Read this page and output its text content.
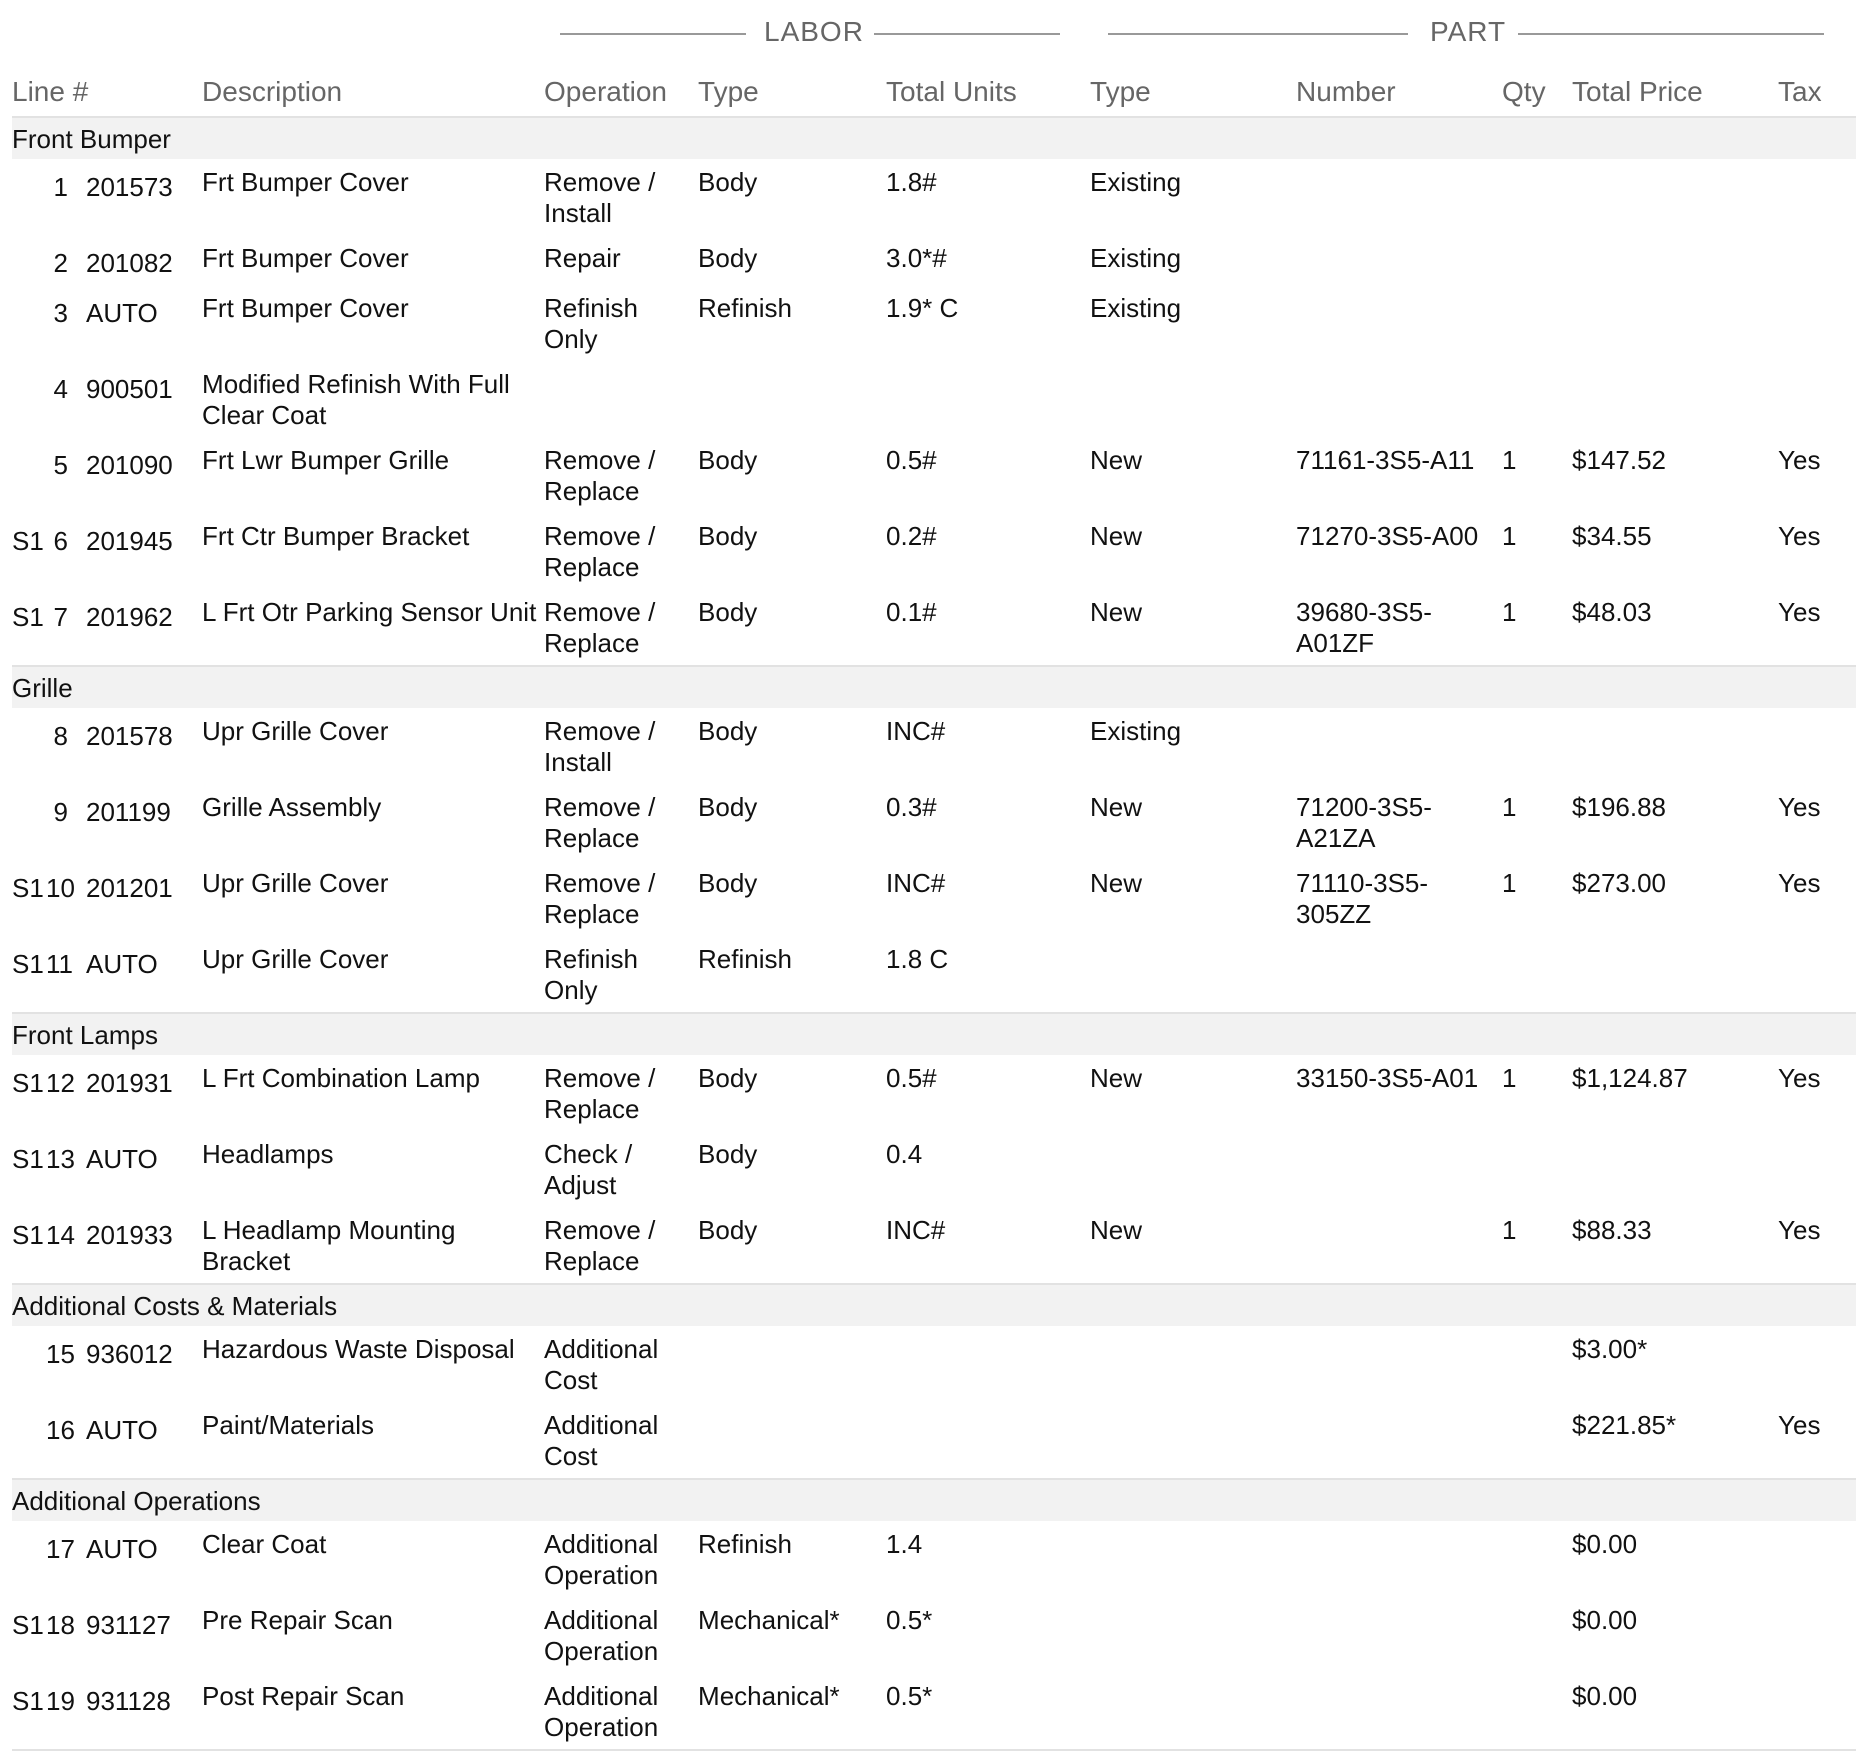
LABOR	PART
Line #			Description	Operation	Type	Total Units	Type	Number	Qty	Total Price	Tax
Front Bumper											
	1	201573	Frt Bumper Cover	Remove / Install	Body	1.8#	Existing				
	2	201082	Frt Bumper Cover	Repair	Body	3.0*#	Existing				
	3	AUTO	Frt Bumper Cover	Refinish Only	Refinish	1.9* C	Existing				
	4	900501	Modified Refinish With Full Clear Coat								
	5	201090	Frt Lwr Bumper Grille	Remove / Replace	Body	0.5#	New	71161-3S5-A11	1	$147.52	Yes
S1	6	201945	Frt Ctr Bumper Bracket	Remove / Replace	Body	0.2#	New	71270-3S5-A00	1	$34.55	Yes
S1	7	201962	L Frt Otr Parking Sensor Unit	Remove / Replace	Body	0.1#	New	39680-3S5-A01ZF	1	$48.03	Yes
Grille											
	8	201578	Upr Grille Cover	Remove / Install	Body	INC#	Existing				
	9	201199	Grille Assembly	Remove / Replace	Body	0.3#	New	71200-3S5-A21ZA	1	$196.88	Yes
S1	10	201201	Upr Grille Cover	Remove / Replace	Body	INC#	New	71110-3S5-305ZZ	1	$273.00	Yes
S1	11	AUTO	Upr Grille Cover	Refinish Only	Refinish	1.8 C					
Front Lamps											
S1	12	201931	L Frt Combination Lamp	Remove / Replace	Body	0.5#	New	33150-3S5-A01	1	$1,124.87	Yes
S1	13	AUTO	Headlamps	Check / Adjust	Body	0.4					
S1	14	201933	L Headlamp Mounting Bracket	Remove / Replace	Body	INC#	New		1	$88.33	Yes
Additional Costs & Materials											
	15	936012	Hazardous Waste Disposal	Additional Cost						$3.00*	
	16	AUTO	Paint/Materials	Additional Cost						$221.85*	Yes
Additional Operations											
	17	AUTO	Clear Coat	Additional Operation	Refinish	1.4				$0.00	
S1	18	931127	Pre Repair Scan	Additional Operation	Mechanical*	0.5*				$0.00	
S1	19	931128	Post Repair Scan	Additional Operation	Mechanical*	0.5*				$0.00	
